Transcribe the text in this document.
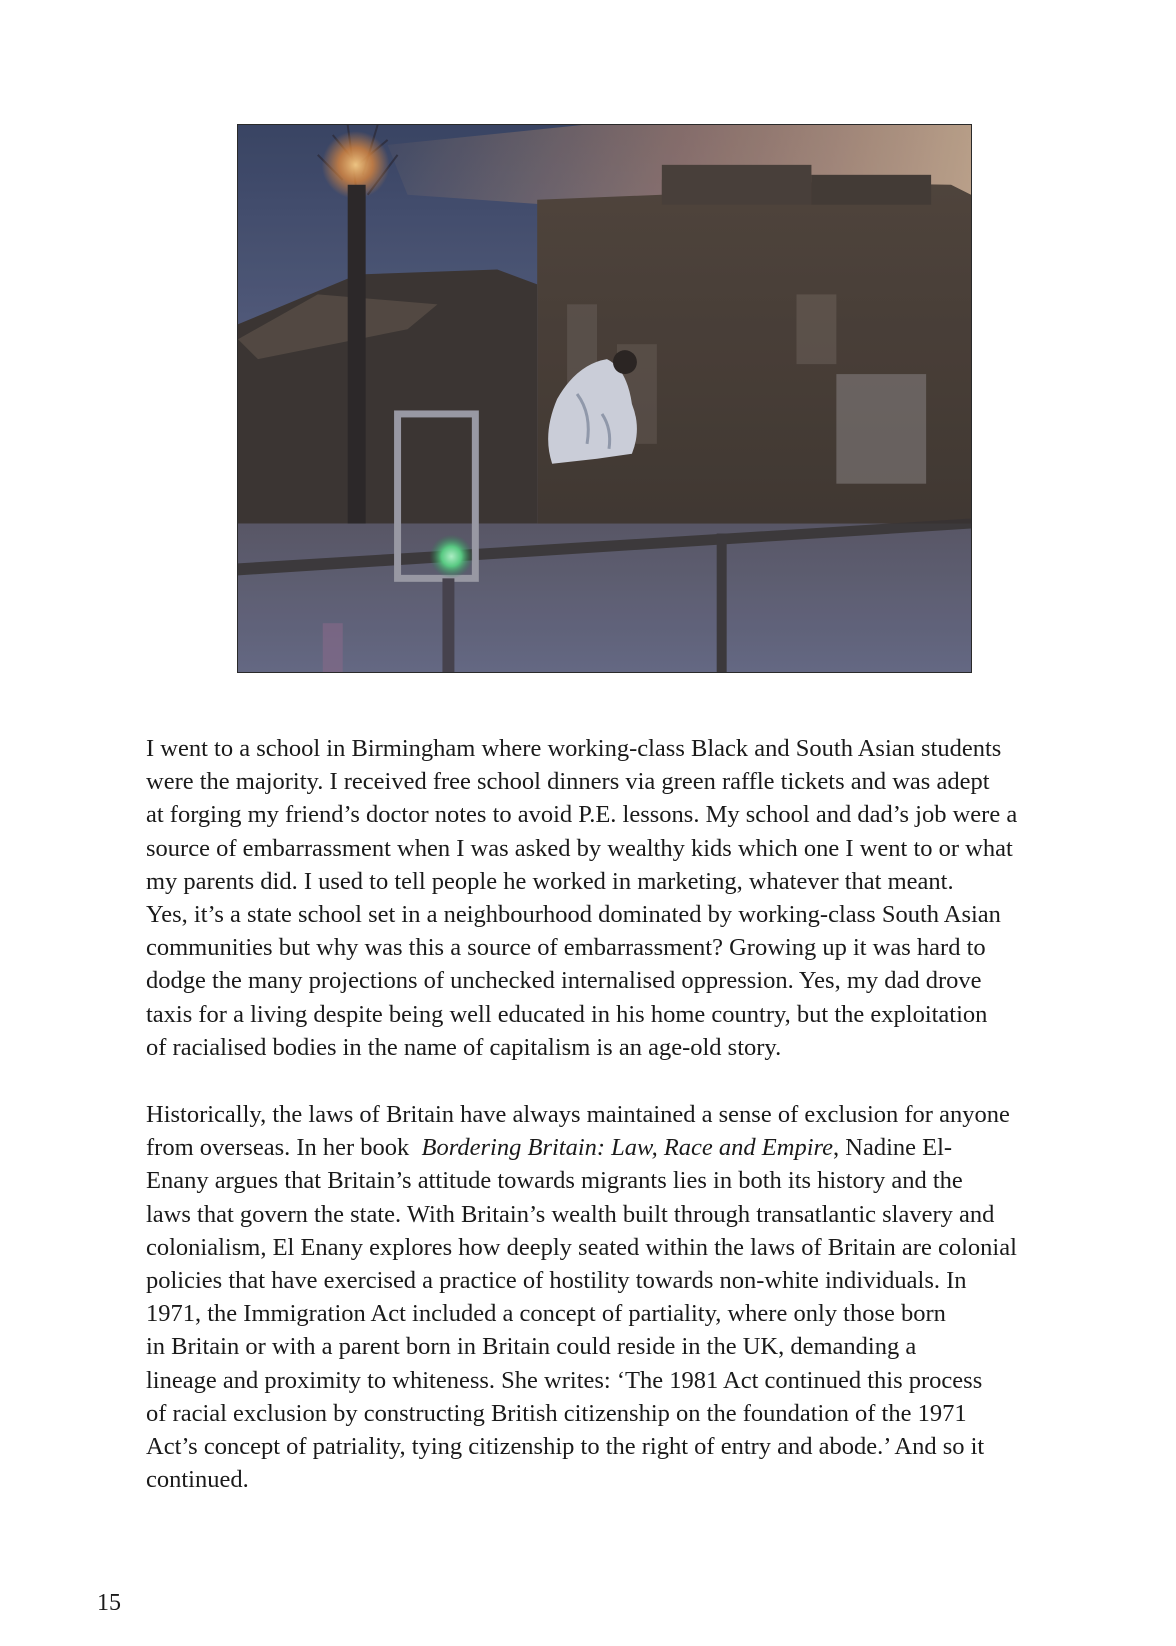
I went to a school in Birmingham where working-class Black and South Asian students
were the majority. I received free school dinners via green raffle tickets and was adept
at forging my friend’s doctor notes to avoid P.E. lessons. My school and dad’s job were a
source of embarrassment when I was asked by wealthy kids which one I went to or what
my parents did. I used to tell people he worked in marketing, whatever that meant.
Yes, it’s a state school set in a neighbourhood dominated by working-class South Asian
communities but why was this a source of embarrassment? Growing up it was hard to
dodge the many projections of unchecked internalised oppression. Yes, my dad drove
taxis for a living despite being well educated in his home country, but the exploitation
of racialised bodies in the name of capitalism is an age-old story.
Historically, the laws of Britain have always maintained a sense of exclusion for anyone
from overseas. In her book  Bordering Britain: Law, Race and Empire, Nadine El-
Enany argues that Britain’s attitude towards migrants lies in both its history and the
laws that govern the state. With Britain’s wealth built through transatlantic slavery and
colonialism, El Enany explores how deeply seated within the laws of Britain are colonial
policies that have exercised a practice of hostility towards non-white individuals. In
1971, the Immigration Act included a concept of partiality, where only those born
in Britain or with a parent born in Britain could reside in the UK, demanding a
lineage and proximity to whiteness. She writes: ‘The 1981 Act continued this process
of racial exclusion by constructing British citizenship on the foundation of the 1971
Act’s concept of patriality, tying citizenship to the right of entry and abode.’ And so it
continued.
15
